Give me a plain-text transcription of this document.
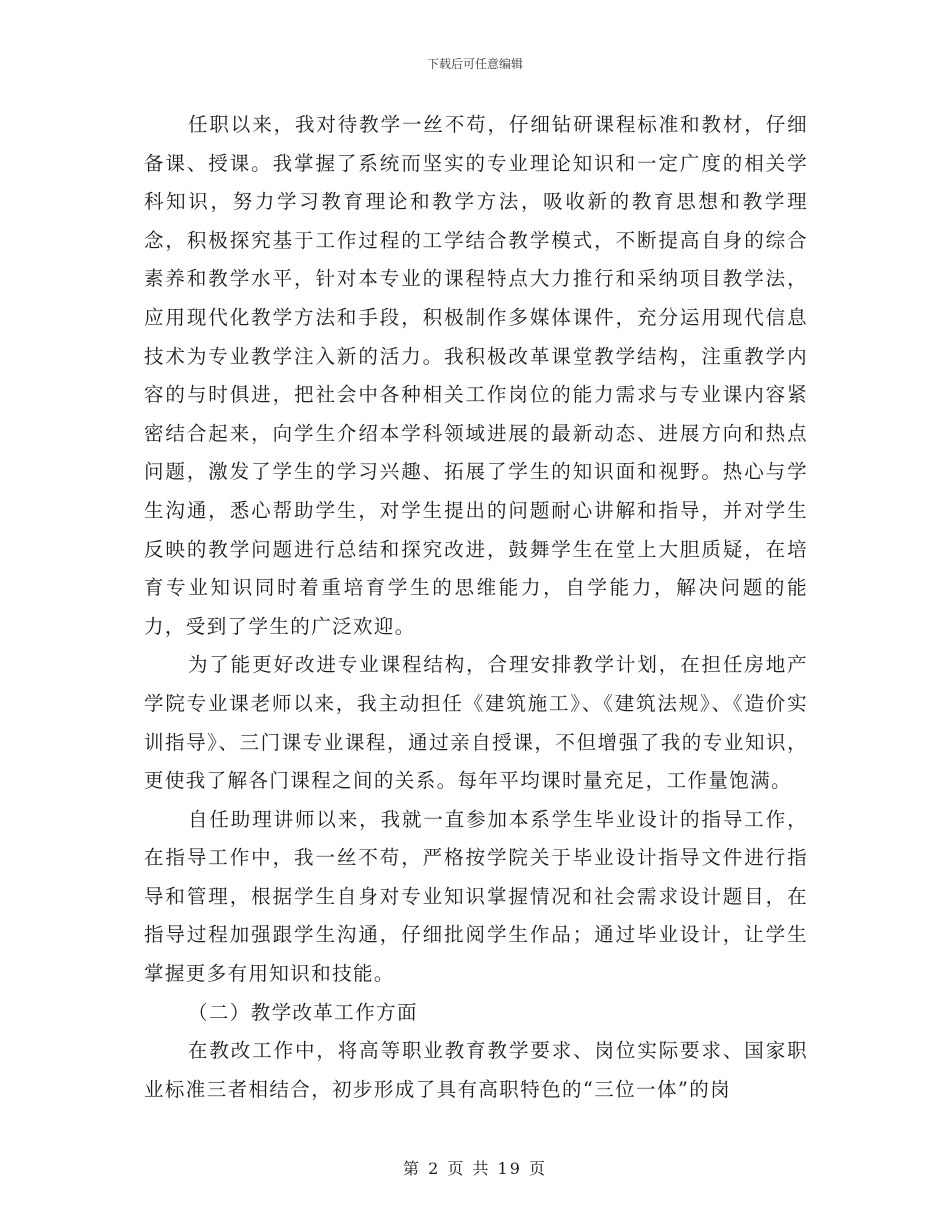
下载后可任意编辑

任职以来，我对待教学一丝不苟，仔细钻研课程标准和教材，仔细备课、授课。我掌握了系统而坚实的专业理论知识和一定广度的相关学科知识，努力学习教育理论和教学方法，吸收新的教育思想和教学理念，积极探究基于工作过程的工学结合教学模式，不断提高自身的综合素养和教学水平，针对本专业的课程特点大力推行和采纳项目教学法，应用现代化教学方法和手段，积极制作多媒体课件，充分运用现代信息技术为专业教学注入新的活力。我积极改革课堂教学结构，注重教学内容的与时俱进，把社会中各种相关工作岗位的能力需求与专业课内容紧密结合起来，向学生介绍本学科领域进展的最新动态、进展方向和热点问题，激发了学生的学习兴趣、拓展了学生的知识面和视野。热心与学生沟通，悉心帮助学生，对学生提出的问题耐心讲解和指导，并对学生反映的教学问题进行总结和探究改进，鼓舞学生在堂上大胆质疑，在培育专业知识同时着重培育学生的思维能力，自学能力，解决问题的能力，受到了学生的广泛欢迎。

为了能更好改进专业课程结构，合理安排教学计划，在担任房地产学院专业课老师以来，我主动担任《建筑施工》、《建筑法规》、《造价实训指导》、三门课专业课程，通过亲自授课，不但增强了我的专业知识，更使我了解各门课程之间的关系。每年平均课时量充足，工作量饱满。

自任助理讲师以来，我就一直参加本系学生毕业设计的指导工作，在指导工作中，我一丝不苟，严格按学院关于毕业设计指导文件进行指导和管理，根据学生自身对专业知识掌握情况和社会需求设计题目，在指导过程加强跟学生沟通，仔细批阅学生作品；通过毕业设计，让学生掌握更多有用知识和技能。

（二）教学改革工作方面

在教改工作中，将高等职业教育教学要求、岗位实际要求、国家职业标准三者相结合，初步形成了具有高职特色的“三位一体”的岗

第 2 页 共 19 页
